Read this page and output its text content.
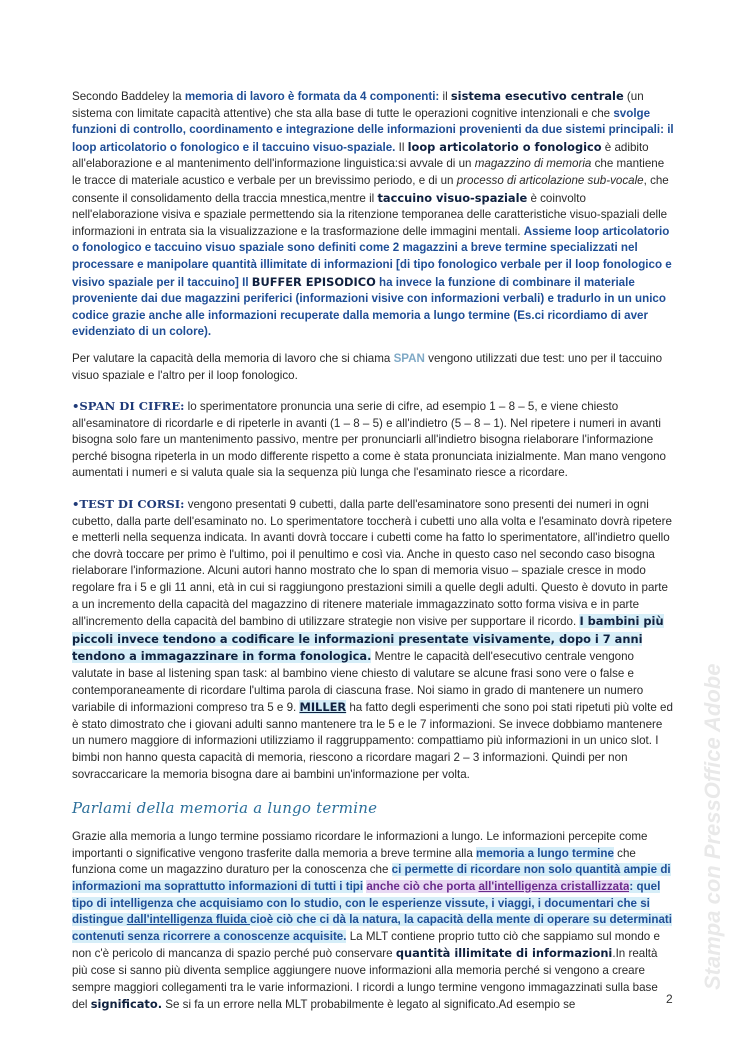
Secondo Baddeley la memoria di lavoro è formata da 4 componenti: il sistema esecutivo centrale (un sistema con limitate capacità attentive) che sta alla base di tutte le operazioni cognitive intenzionali e che svolge funzioni di controllo, coordinamento e integrazione delle informazioni provenienti da due sistemi principali: il loop articolatorio o fonologico e il taccuino visuo-spaziale. Il loop articolatorio o fonologico è adibito all'elaborazione e al mantenimento dell'informazione linguistica:si avvale di un magazzino di memoria che mantiene le tracce di materiale acustico e verbale per un brevissimo periodo, e di un processo di articolazione sub-vocale, che consente il consolidamento della traccia mnestica,mentre il taccuino visuo-spaziale è coinvolto nell'elaborazione visiva e spaziale permettendo sia la ritenzione temporanea delle caratteristiche visuo-spaziali delle informazioni in entrata sia la visualizzazione e la trasformazione delle immagini mentali. Assieme loop articolatorio o fonologico e taccuino visuo spaziale sono definiti come 2 magazzini a breve termine specializzati nel processare e manipolare quantità illimitate di informazioni [di tipo fonologico verbale per il loop fonologico e visivo spaziale per il taccuino] Il BUFFER EPISODICO ha invece la funzione di combinare il materiale proveniente dai due magazzini periferici (informazioni visive con informazioni verbali) e tradurlo in un unico codice grazie anche alle informazioni recuperate dalla memoria a lungo termine (Es.ci ricordiamo di aver evidenziato di un colore).

Per valutare la capacità della memoria di lavoro che si chiama SPAN vengono utilizzati due test: uno per il taccuino visuo spaziale e l'altro per il loop fonologico.

•SPAN DI CIFRE: lo sperimentatore pronuncia una serie di cifre, ad esempio 1 – 8 – 5, e viene chiesto all'esaminatore di ricordarle e di ripeterle in avanti (1 – 8 – 5) e all'indietro (5 – 8 – 1). Nel ripetere i numeri in avanti bisogna solo fare un mantenimento passivo, mentre per pronunciarli all'indietro bisogna rielaborare l'informazione perché bisogna ripeterla in un modo differente rispetto a come è stata pronunciata inizialmente. Man mano vengono aumentati i numeri e si valuta quale sia la sequenza più lunga che l'esaminato riesce a ricordare.

•TEST DI CORSI: vengono presentati 9 cubetti, dalla parte dell'esaminatore sono presenti dei numeri in ogni cubetto, dalla parte dell'esaminato no. Lo sperimentatore toccherà i cubetti uno alla volta e l'esaminato dovrà ripetere e metterli nella sequenza indicata. In avanti dovrà toccare i cubetti come ha fatto lo sperimentatore, all'indietro quello che dovrà toccare per primo è l'ultimo, poi il penultimo e così via. Anche in questo caso nel secondo caso bisogna rielaborare l'informazione. Alcuni autori hanno mostrato che lo span di memoria visuo – spaziale cresce in modo regolare fra i 5 e gli 11 anni, età in cui si raggiungono prestazioni simili a quelle degli adulti. Questo è dovuto in parte a un incremento della capacità del magazzino di ritenere materiale immagazzinato sotto forma visiva e in parte all'incremento della capacità del bambino di utilizzare strategie non visive per supportare il ricordo. I bambini più piccoli invece tendono a codificare le informazioni presentate visivamente, dopo i 7 anni tendono a immagazzinare in forma fonologica. Mentre le capacità dell'esecutivo centrale vengono valutate in base al listening span task: al bambino viene chiesto di valutare se alcune frasi sono vere o false e contemporaneamente di ricordare l'ultima parola di ciascuna frase. Noi siamo in grado di mantenere un numero variabile di informazioni compreso tra 5 e 9. MILLER ha fatto degli esperimenti che sono poi stati ripetuti più volte ed è stato dimostrato che i giovani adulti sanno mantenere tra le 5 e le 7 informazioni. Se invece dobbiamo mantenere un numero maggiore di informazioni utilizziamo il raggruppamento: compattiamo più informazioni in un unico slot. I bimbi non hanno questa capacità di memoria, riescono a ricordare magari 2 – 3 informazioni. Quindi per non sovraccaricare la memoria bisogna dare ai bambini un'informazione per volta.

Parlami della memoria a lungo termine

Grazie alla memoria a lungo termine possiamo ricordare le informazioni a lungo. Le informazioni percepite come importanti o significative vengono trasferite dalla memoria a breve termine alla memoria a lungo termine che funziona come un magazzino duraturo per la conoscenza che ci permette di ricordare non solo quantità ampie di informazioni ma soprattutto informazioni di tutti i tipi anche ciò che porta all'intelligenza cristallizzata: quel tipo di intelligenza che acquisiamo con lo studio, con le esperienze vissute, i viaggi, i documentari che si distingue dall'intelligenza fluida cioè ciò che ci dà la natura, la capacità della mente di operare su determinati contenuti senza ricorrere a conoscenze acquisite. La MLT contiene proprio tutto ciò che sappiamo sul mondo e non c'è pericolo di mancanza di spazio perché può conservare quantità illimitate di informazioni.In realtà più cose si sanno più diventa semplice aggiungere nuove informazioni alla memoria perché si vengono a creare sempre maggiori collegamenti tra le varie informazioni. I ricordi a lungo termine vengono immagazzinati sulla base del significato. Se si fa un errore nella MLT probabilmente è legato al significato.Ad esempio se

Stampa con PressOffice Adobe
2
